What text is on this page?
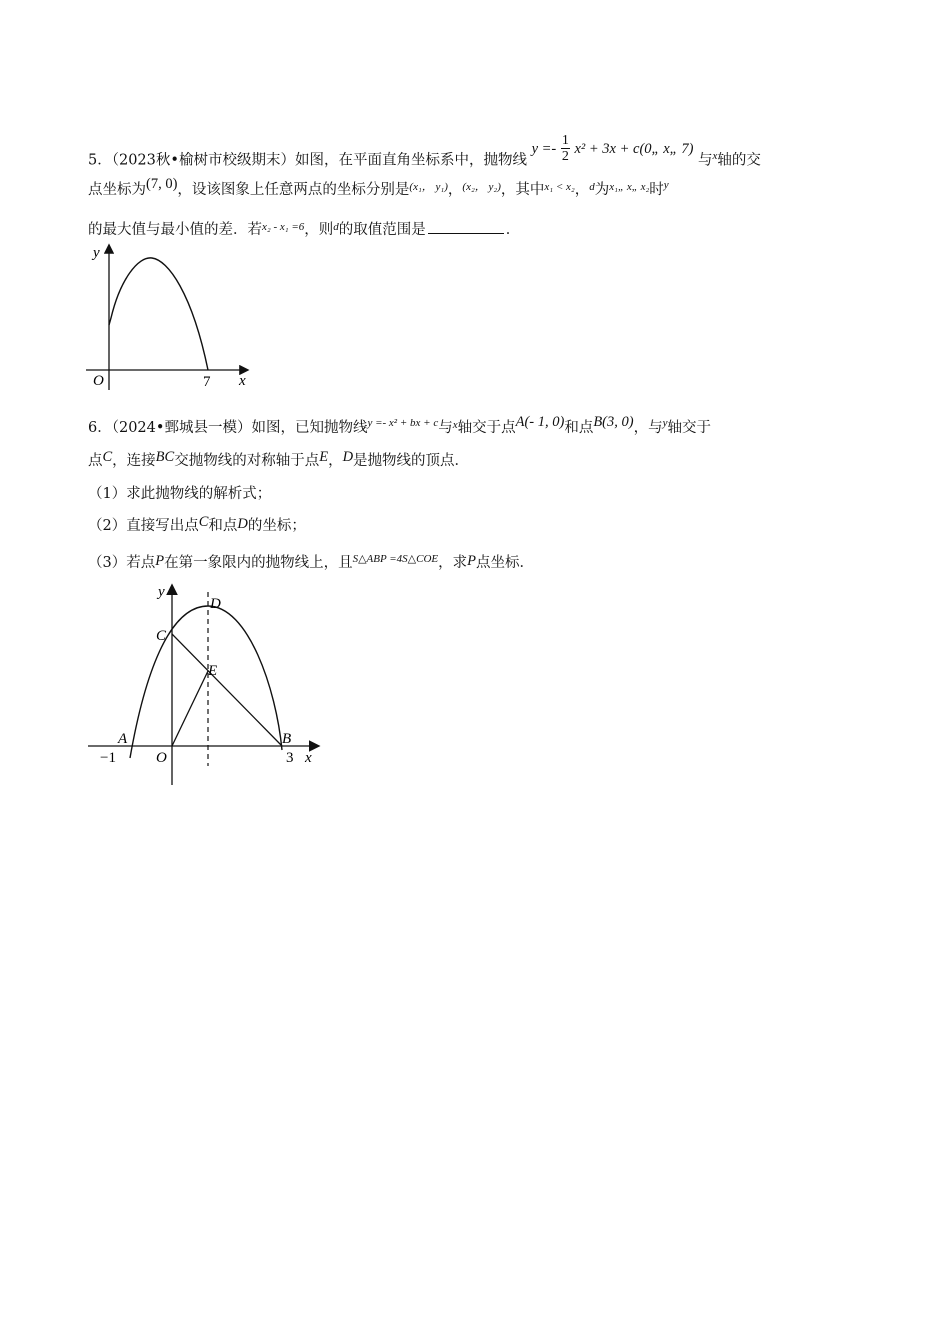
5．（2023秋•榆树市校级期末）如图，在平面直角坐标系中，抛物线 $y =- \frac{1}{2} x^2 + 3x$ + c(0„ x„ 7) 与$^x$轴的交
点坐标为(7, 0)，设该图象上任意两点的坐标分别是$^{(x_1, y_1)}$，$^{(x_2, y_2)}$，其中$^{x_1 < x_2}$，$^d$为$^{x_1„ x„ x_2}$时$^y$
的最大值与最小值的差．若$^{x_2 - x_1 =6}$，则$^d$的取值范围是	．
y
x
O	7
6．（2024•鄄城县一模）如图，已知抛物线$^{y =- x^2 + bx + c}$与$^x$轴交于点A(- 1, 0)和点B(3, 0)，与$^y$轴交于
点C，连接BC交抛物线的对称轴于点E，D是抛物线的顶点．
（1）求此抛物线的解析式；
（2）直接写出点C和点D的坐标；
（3）若点P在第一象限内的抛物线上，且$^{S\triangle ABP =4S\triangle COE}$，求P点坐标．
y
x
D
C
E
A	B
−1	O	3
